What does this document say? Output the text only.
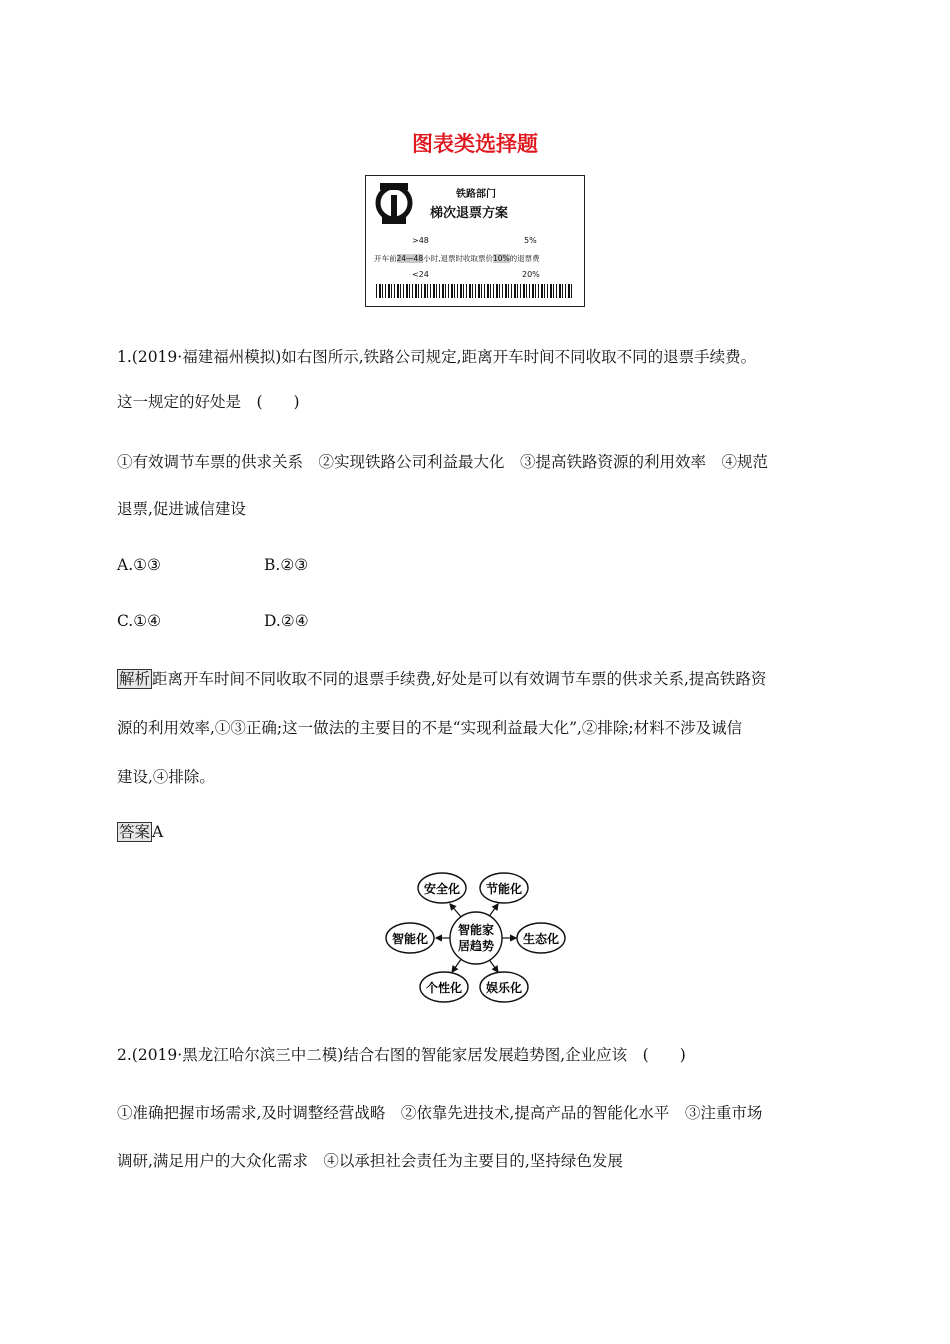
图表类选择题
铁路部门
梯次退票方案
>48	5%
开车前24—48小时,退票时收取票价10%的退票费
<24	20%
1.(2019·福建福州模拟)如右图所示,铁路公司规定,距离开车时间不同收取不同的退票手续费。
这一规定的好处是　(　　)
①有效调节车票的供求关系　②实现铁路公司利益最大化　③提高铁路资源的利用效率　④规范
退票,促进诚信建设
A.①③	B.②③
C.①④	D.②④
解析 距离开车时间不同收取不同的退票手续费,好处是可以有效调节车票的供求关系,提高铁路资
源的利用效率,①③正确;这一做法的主要目的不是“实现利益最大化”,②排除;材料不涉及诚信
建设,④排除。
答案 A
智能家
居趋势
安全化 节能化
智能化	生态化
个性化 娱乐化
2.(2019·黑龙江哈尔滨三中二模)结合右图的智能家居发展趋势图,企业应该　(　　)
①准确把握市场需求,及时调整经营战略　②依靠先进技术,提高产品的智能化水平　③注重市场
调研,满足用户的大众化需求　④以承担社会责任为主要目的,坚持绿色发展
